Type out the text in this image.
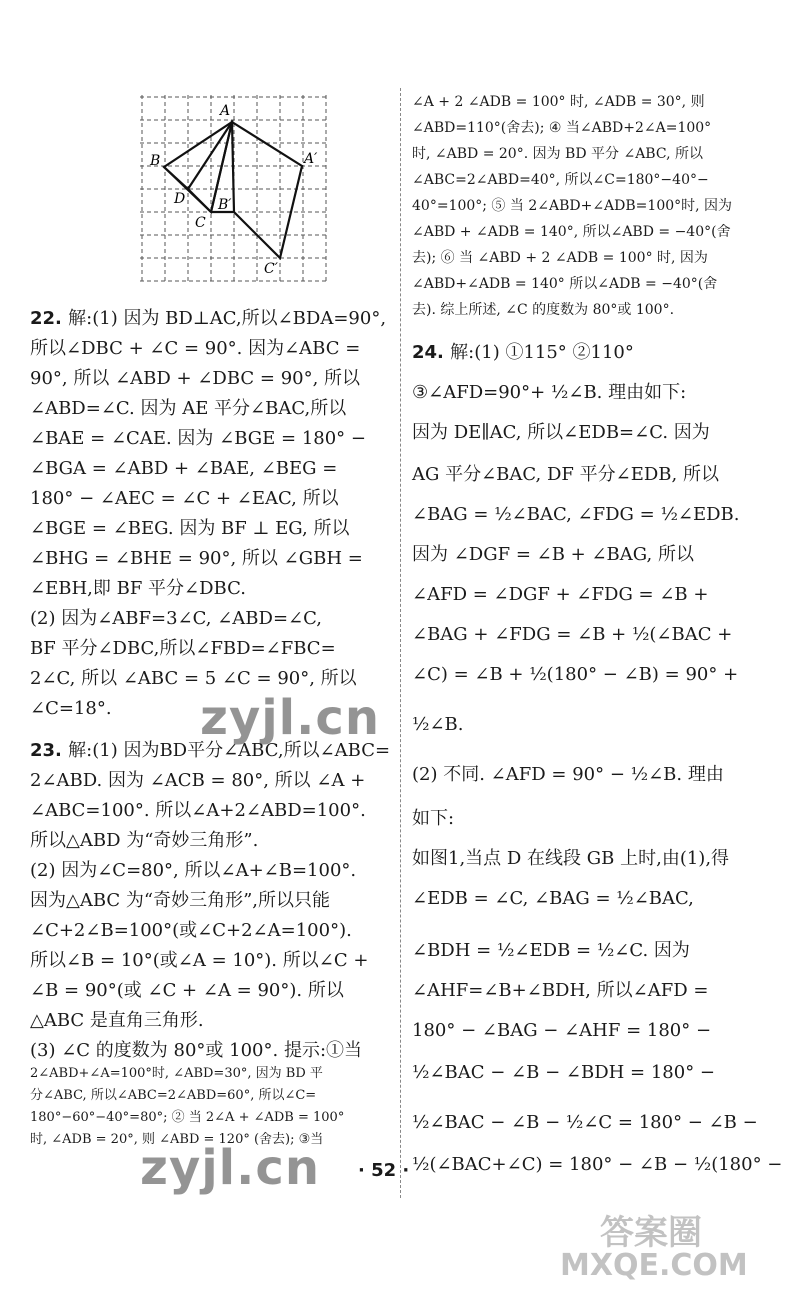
A
B
D
C
B′
A′
C′
22. 解:(1) 因为 BD⊥AC,所以∠BDA=90°,
所以∠DBC + ∠C = 90°. 因为∠ABC =
90°, 所以 ∠ABD + ∠DBC = 90°, 所以
∠ABD=∠C. 因为 AE 平分∠BAC,所以
∠BAE = ∠CAE. 因为 ∠BGE = 180° −
∠BGA = ∠ABD + ∠BAE, ∠BEG =
180° − ∠AEC = ∠C + ∠EAC, 所以
∠BGE = ∠BEG. 因为 BF ⊥ EG, 所以
∠BHG = ∠BHE = 90°, 所以 ∠GBH =
∠EBH,即 BF 平分∠DBC.
(2) 因为∠ABF=3∠C, ∠ABD=∠C,
BF 平分∠DBC,所以∠FBD=∠FBC=
2∠C, 所以 ∠ABC = 5 ∠C = 90°, 所以
∠C=18°.
23. 解:(1) 因为BD平分∠ABC,所以∠ABC=
2∠ABD. 因为 ∠ACB = 80°, 所以 ∠A +
∠ABC=100°. 所以∠A+2∠ABD=100°.
所以△ABD 为“奇妙三角形”.
(2) 因为∠C=80°, 所以∠A+∠B=100°.
因为△ABC 为“奇妙三角形”,所以只能
∠C+2∠B=100°(或∠C+2∠A=100°).
所以∠B = 10°(或∠A = 10°). 所以∠C +
∠B = 90°(或 ∠C + ∠A = 90°). 所以
△ABC 是直角三角形.
(3) ∠C 的度数为 80°或 100°. 提示:①当
2∠ABD+∠A=100°时, ∠ABD=30°, 因为 BD 平
分∠ABC, 所以∠ABC=2∠ABD=60°, 所以∠C=
180°−60°−40°=80°; ② 当 2∠A + ∠ADB = 100°
时, ∠ADB = 20°, 则 ∠ABD = 120° (舍去); ③当
∠A + 2 ∠ADB = 100° 时, ∠ADB = 30°, 则
∠ABD=110°(舍去); ④ 当∠ABD+2∠A=100°
时, ∠ABD = 20°. 因为 BD 平分 ∠ABC, 所以
∠ABC=2∠ABD=40°, 所以∠C=180°−40°−
40°=100°; ⑤ 当 2∠ABD+∠ADB=100°时, 因为
∠ABD + ∠ADB = 140°, 所以∠ABD = −40°(舍
去); ⑥ 当 ∠ABD + 2 ∠ADB = 100° 时, 因为
∠ABD+∠ADB = 140° 所以∠ADB = −40°(舍
去). 综上所述, ∠C 的度数为 80°或 100°.
24. 解:(1) ①115° ②110°
③∠AFD=90°+ ½∠B. 理由如下:
因为 DE∥AC, 所以∠EDB=∠C. 因为
AG 平分∠BAC, DF 平分∠EDB, 所以
∠BAG = ½∠BAC, ∠FDG = ½∠EDB.
因为 ∠DGF = ∠B + ∠BAG, 所以
∠AFD = ∠DGF + ∠FDG = ∠B +
∠BAG + ∠FDG = ∠B + ½(∠BAC +
∠C) = ∠B + ½(180° − ∠B) = 90° +
½∠B.
(2) 不同. ∠AFD = 90° − ½∠B. 理由
如下:
如图1,当点 D 在线段 GB 上时,由(1),得
∠EDB = ∠C, ∠BAG = ½∠BAC,
∠BDH = ½∠EDB = ½∠C. 因为
∠AHF=∠B+∠BDH, 所以∠AFD =
180° − ∠BAG − ∠AHF = 180° −
½∠BAC − ∠B − ∠BDH = 180° −
½∠BAC − ∠B − ½∠C = 180° − ∠B −
½(∠BAC+∠C) = 180° − ∠B − ½(180° −
· 52 ·
zyjl.cn
zyjl.cn
答案圈
MXQE.COM
